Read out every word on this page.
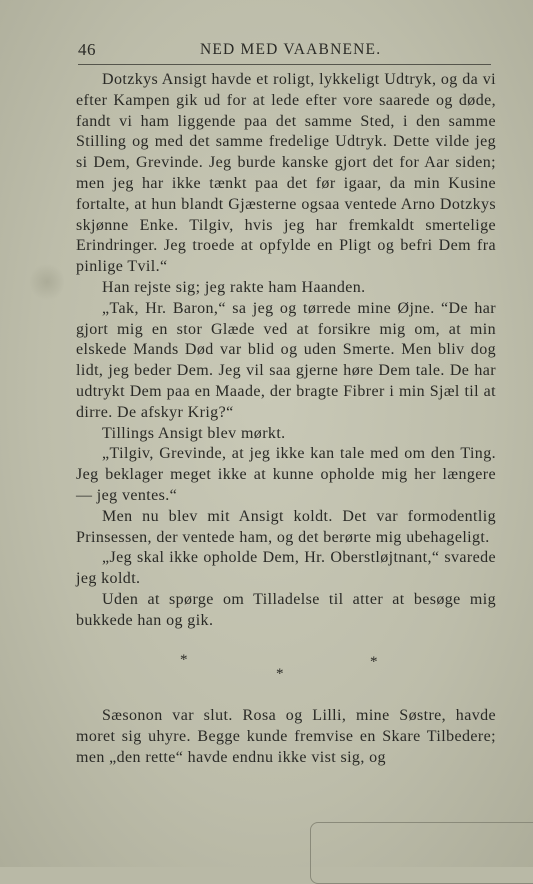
46	NED MED VAABNENE.

Dotzkys Ansigt havde et roligt, lykkeligt Udtryk, og da vi efter Kampen gik ud for at lede efter vore saarede og døde, fandt vi ham liggende paa det samme Sted, i den samme Stilling og med det samme fredelige Udtryk. Dette vilde jeg si Dem, Grevinde. Jeg burde kanske gjort det for Aar siden; men jeg har ikke tænkt paa det før igaar, da min Kusine fortalte, at hun blandt Gjæsterne ogsaa ventede Arno Dotzkys skjønne Enke. Tilgiv, hvis jeg har fremkaldt smertelige Erindringer. Jeg troede at opfylde en Pligt og befri Dem fra pinlige Tvil.“

Han rejste sig; jeg rakte ham Haanden.

„Tak, Hr. Baron,“ sa jeg og tørrede mine Øjne. “De har gjort mig en stor Glæde ved at forsikre mig om, at min elskede Mands Død var blid og uden Smerte. Men bliv dog lidt, jeg beder Dem. Jeg vil saa gjerne høre Dem tale. De har udtrykt Dem paa en Maade, der bragte Fibrer i min Sjæl til at dirre. De afskyr Krig?“

Tillings Ansigt blev mørkt.

„Tilgiv, Grevinde, at jeg ikke kan tale med om den Ting. Jeg beklager meget ikke at kunne opholde mig her længere — jeg ventes.“

Men nu blev mit Ansigt koldt. Det var formodentlig Prinsessen, der ventede ham, og det berørte mig ubehageligt.

„Jeg skal ikke opholde Dem, Hr. Oberstløjtnant,“ svarede jeg koldt.

Uden at spørge om Tilladelse til atter at besøge mig bukkede han og gik.

*
*
*

Sæsonon var slut. Rosa og Lilli, mine Søstre, havde moret sig uhyre. Begge kunde fremvise en Skare Tilbedere; men „den rette“ havde endnu ikke vist sig, og
